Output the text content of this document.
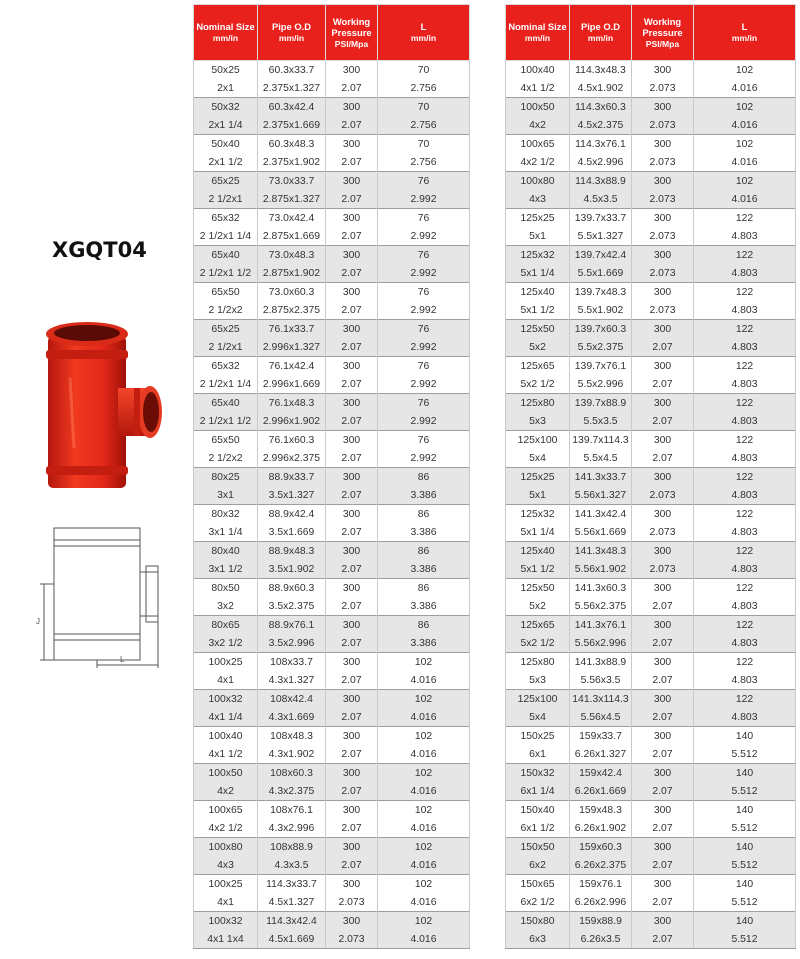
XGQT04
L
J
Nominal Size
mm/in	Pipe O.D
mm/in	Working Pressure
PSI/Mpa	L
mm/in
50x25	60.3x33.7	300	70
2x1	2.375x1.327	2.07	2.756
50x32	60.3x42.4	300	70
2x1 1/4	2.375x1.669	2.07	2.756
50x40	60.3x48.3	300	70
2x1 1/2	2.375x1.902	2.07	2.756
65x25	73.0x33.7	300	76
2 1/2x1	2.875x1.327	2.07	2.992
65x32	73.0x42.4	300	76
2 1/2x1 1/4	2.875x1.669	2.07	2.992
65x40	73.0x48.3	300	76
2 1/2x1 1/2	2.875x1.902	2.07	2.992
65x50	73.0x60.3	300	76
2 1/2x2	2.875x2.375	2.07	2.992
65x25	76.1x33.7	300	76
2 1/2x1	2.996x1.327	2.07	2.992
65x32	76.1x42.4	300	76
2 1/2x1 1/4	2.996x1.669	2.07	2.992
65x40	76.1x48.3	300	76
2 1/2x1 1/2	2.996x1.902	2.07	2.992
65x50	76.1x60.3	300	76
2 1/2x2	2.996x2.375	2.07	2.992
80x25	88.9x33.7	300	86
3x1	3.5x1.327	2.07	3.386
80x32	88.9x42.4	300	86
3x1 1/4	3.5x1.669	2.07	3.386
80x40	88.9x48.3	300	86
3x1 1/2	3.5x1.902	2.07	3.386
80x50	88.9x60.3	300	86
3x2	3.5x2.375	2.07	3.386
80x65	88.9x76.1	300	86
3x2 1/2	3.5x2.996	2.07	3.386
100x25	108x33.7	300	102
4x1	4.3x1.327	2.07	4.016
100x32	108x42.4	300	102
4x1 1/4	4.3x1.669	2.07	4.016
100x40	108x48.3	300	102
4x1 1/2	4.3x1.902	2.07	4.016
100x50	108x60.3	300	102
4x2	4.3x2.375	2.07	4.016
100x65	108x76.1	300	102
4x2 1/2	4.3x2.996	2.07	4.016
100x80	108x88.9	300	102
4x3	4.3x3.5	2.07	4.016
100x25	114.3x33.7	300	102
4x1	4.5x1.327	2.073	4.016
100x32	114.3x42.4	300	102
4x1 1x4	4.5x1.669	2.073	4.016
Nominal Size
mm/in	Pipe O.D
mm/in	Working Pressure
PSI/Mpa	L
mm/in
100x40	114.3x48.3	300	102
4x1 1/2	4.5x1.902	2.073	4.016
100x50	114.3x60.3	300	102
4x2	4.5x2.375	2.073	4.016
100x65	114.3x76.1	300	102
4x2 1/2	4.5x2.996	2.073	4.016
100x80	114.3x88.9	300	102
4x3	4.5x3.5	2.073	4.016
125x25	139.7x33.7	300	122
5x1	5.5x1.327	2.073	4.803
125x32	139.7x42.4	300	122
5x1 1/4	5.5x1.669	2.073	4.803
125x40	139.7x48.3	300	122
5x1 1/2	5.5x1.902	2.073	4.803
125x50	139.7x60.3	300	122
5x2	5.5x2.375	2.07	4.803
125x65	139.7x76.1	300	122
5x2 1/2	5.5x2.996	2.07	4.803
125x80	139.7x88.9	300	122
5x3	5.5x3.5	2.07	4.803
125x100	139.7x114.3	300	122
5x4	5.5x4.5	2.07	4.803
125x25	141.3x33.7	300	122
5x1	5.56x1.327	2.073	4.803
125x32	141.3x42.4	300	122
5x1 1/4	5.56x1.669	2.073	4.803
125x40	141.3x48.3	300	122
5x1 1/2	5.56x1.902	2.073	4.803
125x50	141.3x60.3	300	122
5x2	5.56x2.375	2.07	4.803
125x65	141.3x76.1	300	122
5x2 1/2	5.56x2.996	2.07	4.803
125x80	141.3x88.9	300	122
5x3	5.56x3.5	2.07	4.803
125x100	141.3x114.3	300	122
5x4	5.56x4.5	2.07	4.803
150x25	159x33.7	300	140
6x1	6.26x1.327	2.07	5.512
150x32	159x42.4	300	140
6x1 1/4	6.26x1.669	2.07	5.512
150x40	159x48.3	300	140
6x1 1/2	6.26x1.902	2.07	5.512
150x50	159x60.3	300	140
6x2	6.26x2.375	2.07	5.512
150x65	159x76.1	300	140
6x2 1/2	6.26x2.996	2.07	5.512
150x80	159x88.9	300	140
6x3	6.26x3.5	2.07	5.512
